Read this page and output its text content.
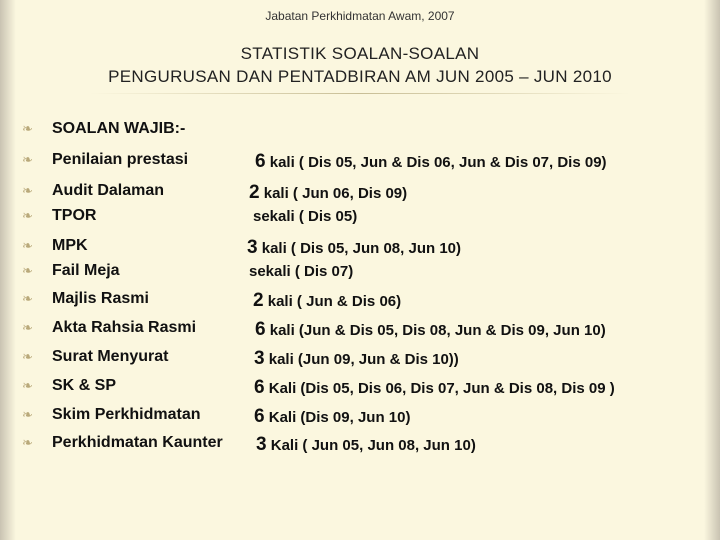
Jabatan Perkhidmatan Awam, 2007
STATISTIK SOALAN-SOALAN
PENGURUSAN DAN PENTADBIRAN AM JUN 2005 – JUN 2010
❧ SOALAN WAJIB:-
❧ Penilaian prestasi	6 kali ( Dis 05, Jun & Dis 06, Jun & Dis 07, Dis 09)
❧ Audit Dalaman	2 kali ( Jun 06, Dis 09)
❧ TPOR	sekali ( Dis 05)
❧ MPK	3 kali ( Dis 05, Jun 08, Jun 10)
❧ Fail Meja	sekali ( Dis 07)
❧ Majlis Rasmi	2 kali ( Jun & Dis 06)
❧ Akta Rahsia Rasmi	6 kali (Jun & Dis 05, Dis 08, Jun & Dis 09, Jun 10)
❧ Surat Menyurat	3 kali (Jun 09, Jun & Dis 10))
❧ SK & SP	6 Kali (Dis 05, Dis 06, Dis 07, Jun & Dis 08, Dis 09 )
❧ Skim Perkhidmatan	6 Kali (Dis 09, Jun 10)
❧ Perkhidmatan Kaunter 3 Kali ( Jun 05, Jun 08, Jun 10)
